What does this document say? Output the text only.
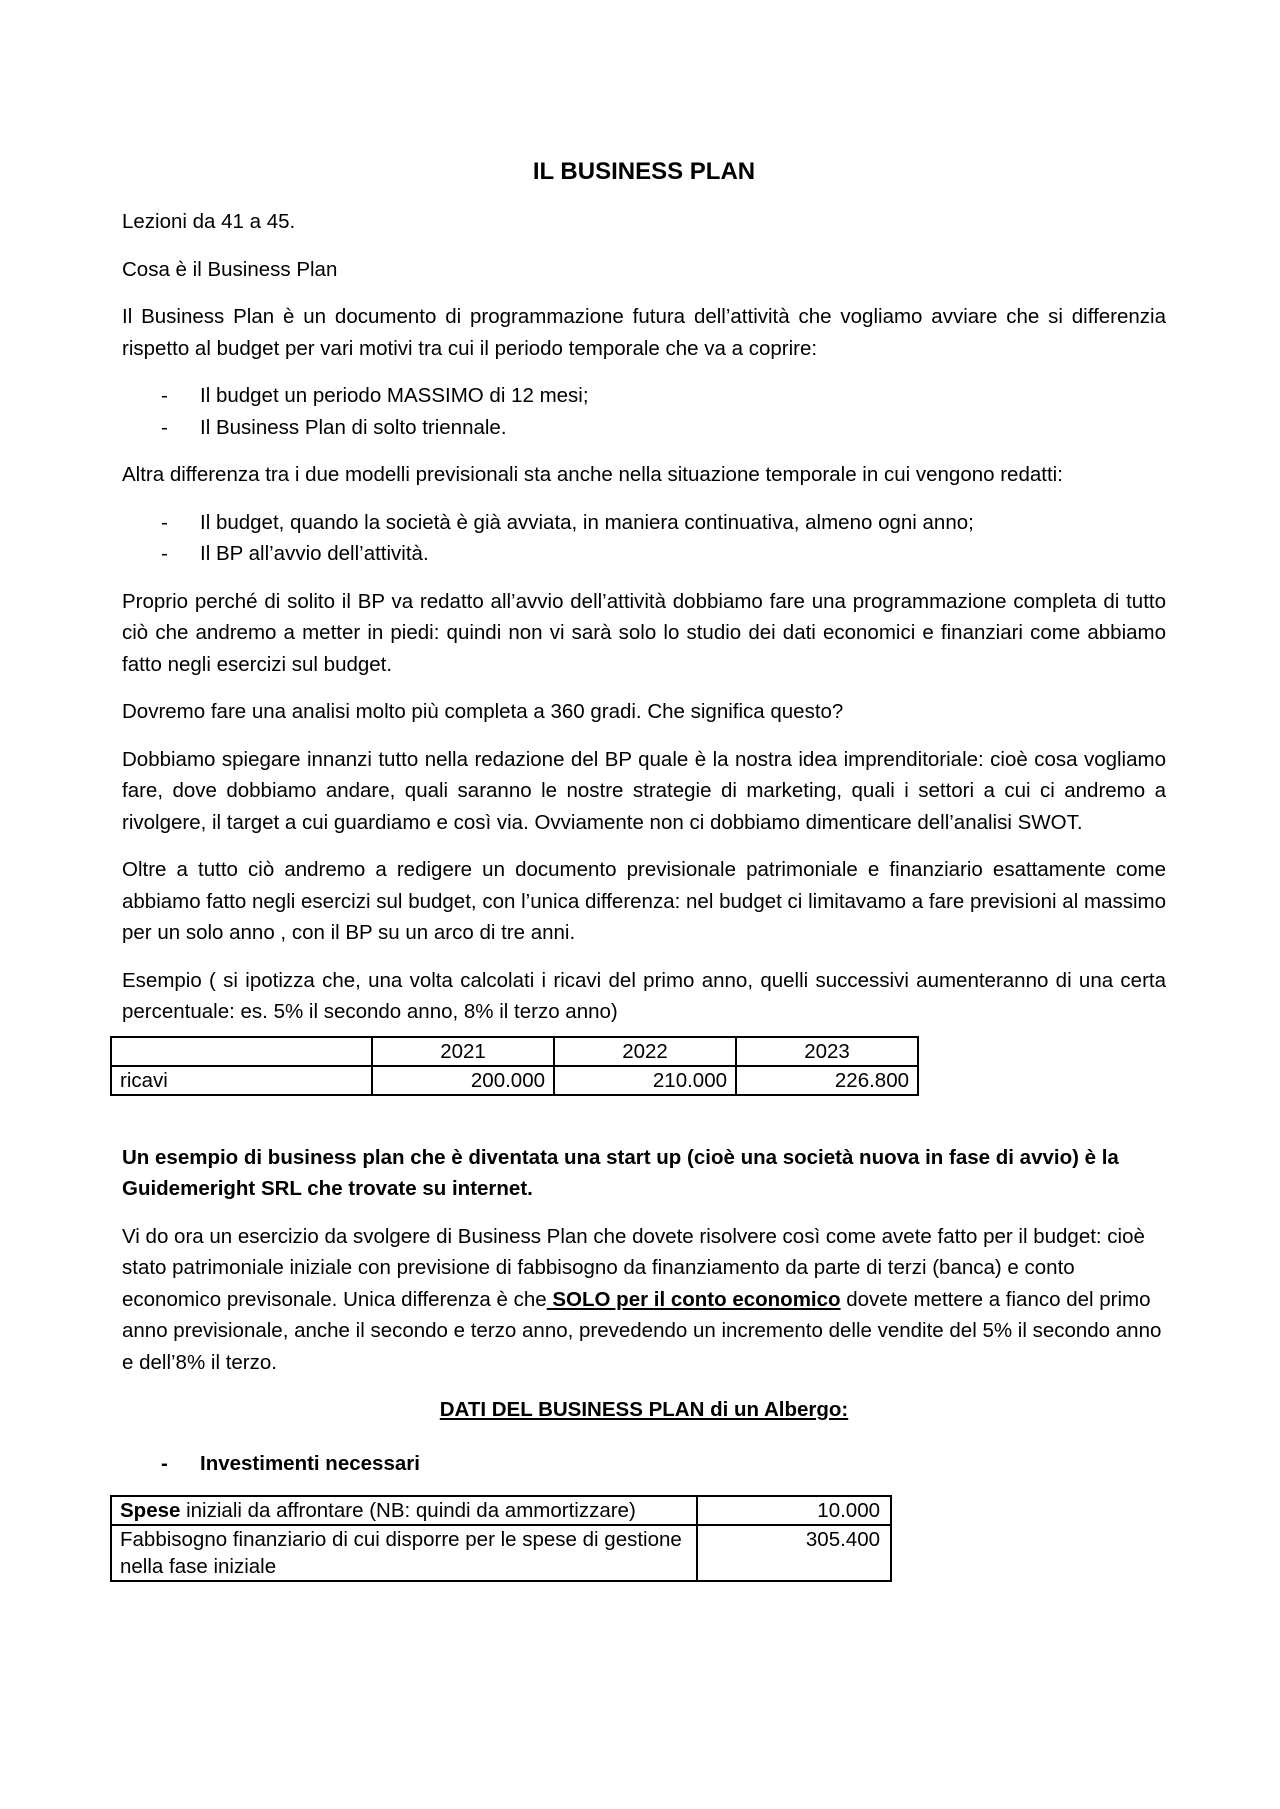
IL BUSINESS PLAN

Lezioni da 41 a 45.

Cosa è il Business Plan

Il Business Plan è un documento di programmazione futura dell’attività che vogliamo avviare che si differenzia rispetto al budget per vari motivi tra cui il periodo temporale che va a coprire:

- Il budget un periodo MASSIMO di 12 mesi;
- Il Business Plan di solto triennale.

Altra differenza tra i due modelli previsionali sta anche nella situazione temporale in cui vengono redatti:

- Il budget, quando la società è già avviata, in maniera continuativa, almeno ogni anno;
- Il BP all’avvio dell’attività.

Proprio perché di solito il BP va redatto all’avvio dell’attività dobbiamo fare una programmazione completa di tutto ciò che andremo a metter in piedi: quindi non vi sarà solo lo studio dei dati economici e finanziari come abbiamo fatto negli esercizi sul budget.

Dovremo fare una analisi molto più completa a 360 gradi. Che significa questo?

Dobbiamo spiegare innanzi tutto nella redazione del BP quale è la nostra idea imprenditoriale: cioè cosa vogliamo fare, dove dobbiamo andare, quali saranno le nostre strategie di marketing, quali i settori a cui ci andremo a rivolgere, il target a cui guardiamo e così via. Ovviamente non ci dobbiamo dimenticare dell’analisi SWOT.

Oltre a tutto ciò andremo a redigere un documento previsionale patrimoniale e finanziario esattamente come abbiamo fatto negli esercizi sul budget, con l’unica differenza: nel budget ci limitavamo a fare previsioni al massimo per un solo anno , con il BP su un arco di tre anni.

Esempio ( si ipotizza che, una volta calcolati i ricavi del primo anno, quelli successivi aumenteranno di una certa percentuale: es. 5% il secondo anno, 8% il terzo anno)

	2021	2022	2023
ricavi	200.000	210.000	226.800

Un esempio di business plan che è diventata una start up (cioè una società nuova in fase di avvio) è la Guidemeright SRL che trovate su internet.

Vi do ora un esercizio da svolgere di Business Plan che dovete risolvere così come avete fatto per il budget: cioè stato patrimoniale iniziale con previsione di fabbisogno da finanziamento da parte di terzi (banca) e conto economico previsonale. Unica differenza è che SOLO per il conto economico dovete mettere a fianco del primo anno previsionale, anche il secondo e terzo anno, prevedendo un incremento delle vendite del 5% il secondo anno e dell’8% il terzo.

DATI DEL BUSINESS PLAN di un Albergo:

- Investimenti necessari
Spese iniziali da affrontare (NB: quindi da ammortizzare)	10.000
Fabbisogno finanziario di cui disporre per le spese di gestione nella fase iniziale	305.400
